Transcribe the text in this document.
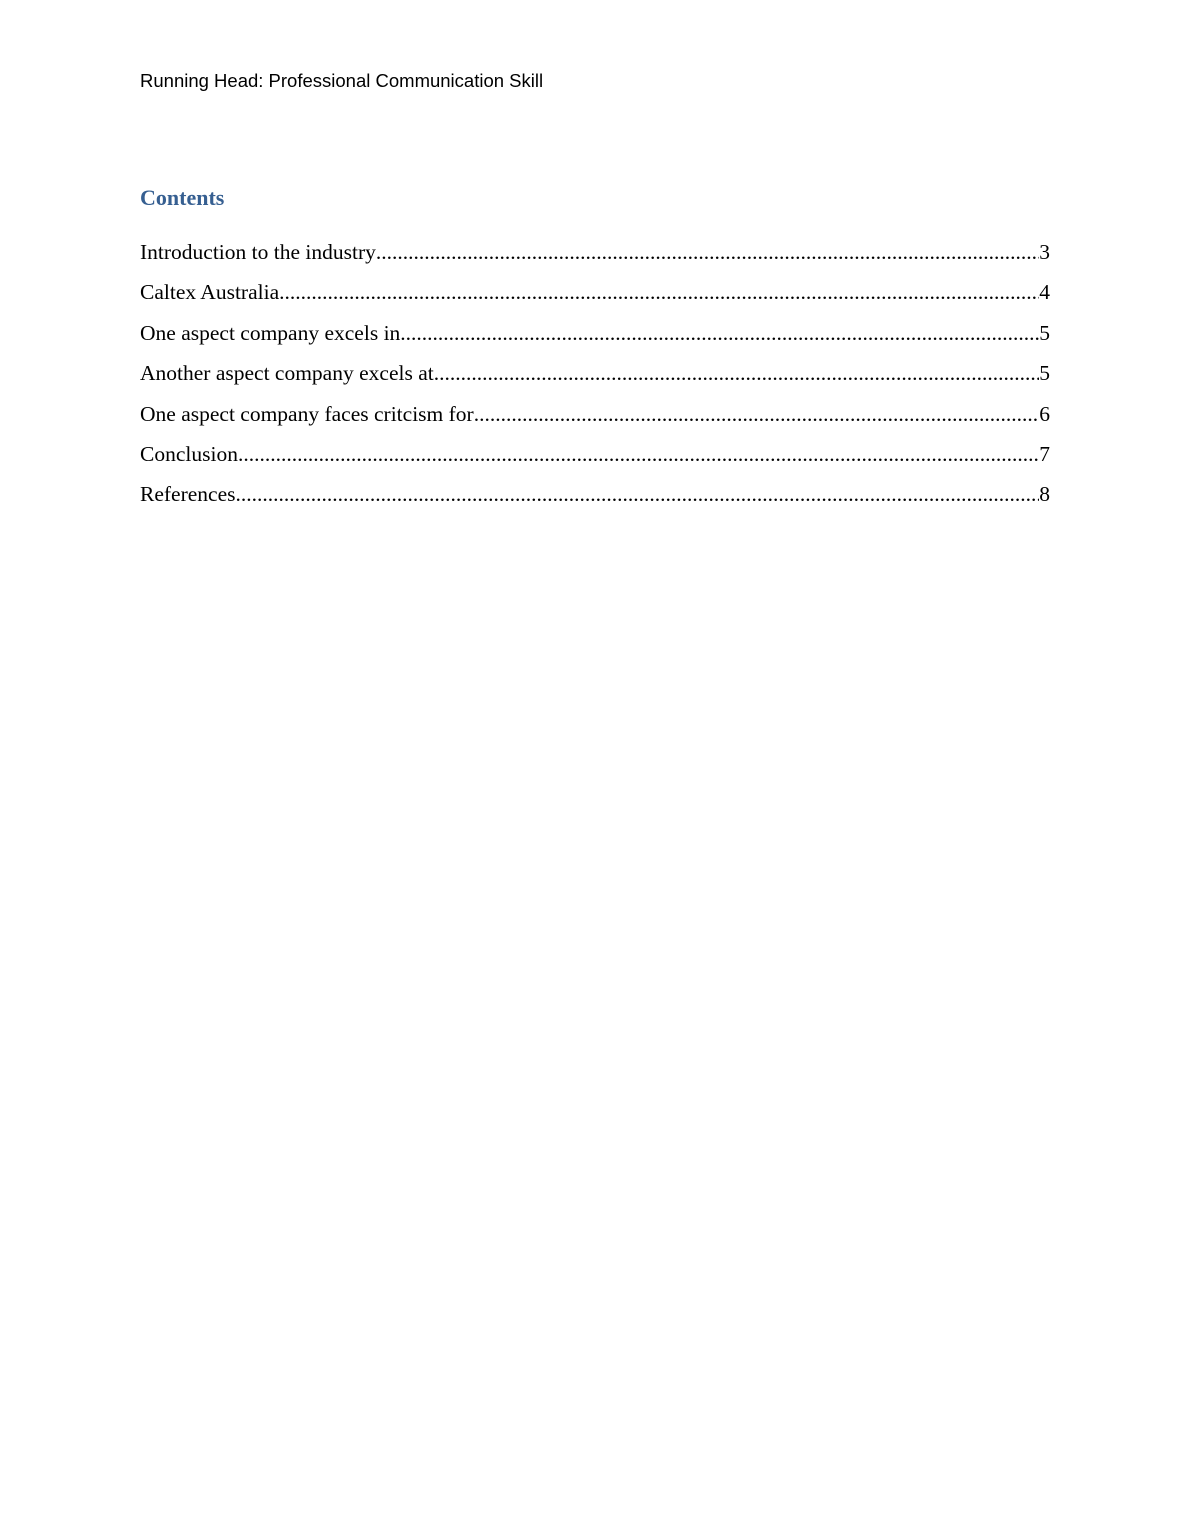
Running Head: Professional Communication Skill
Contents
Introduction to the industry .....	3
Caltex Australia .....	4
One aspect company excels in .....	5
Another aspect company excels at .....	5
One aspect company faces critcism for .....	6
Conclusion .....	7
References .....	8
